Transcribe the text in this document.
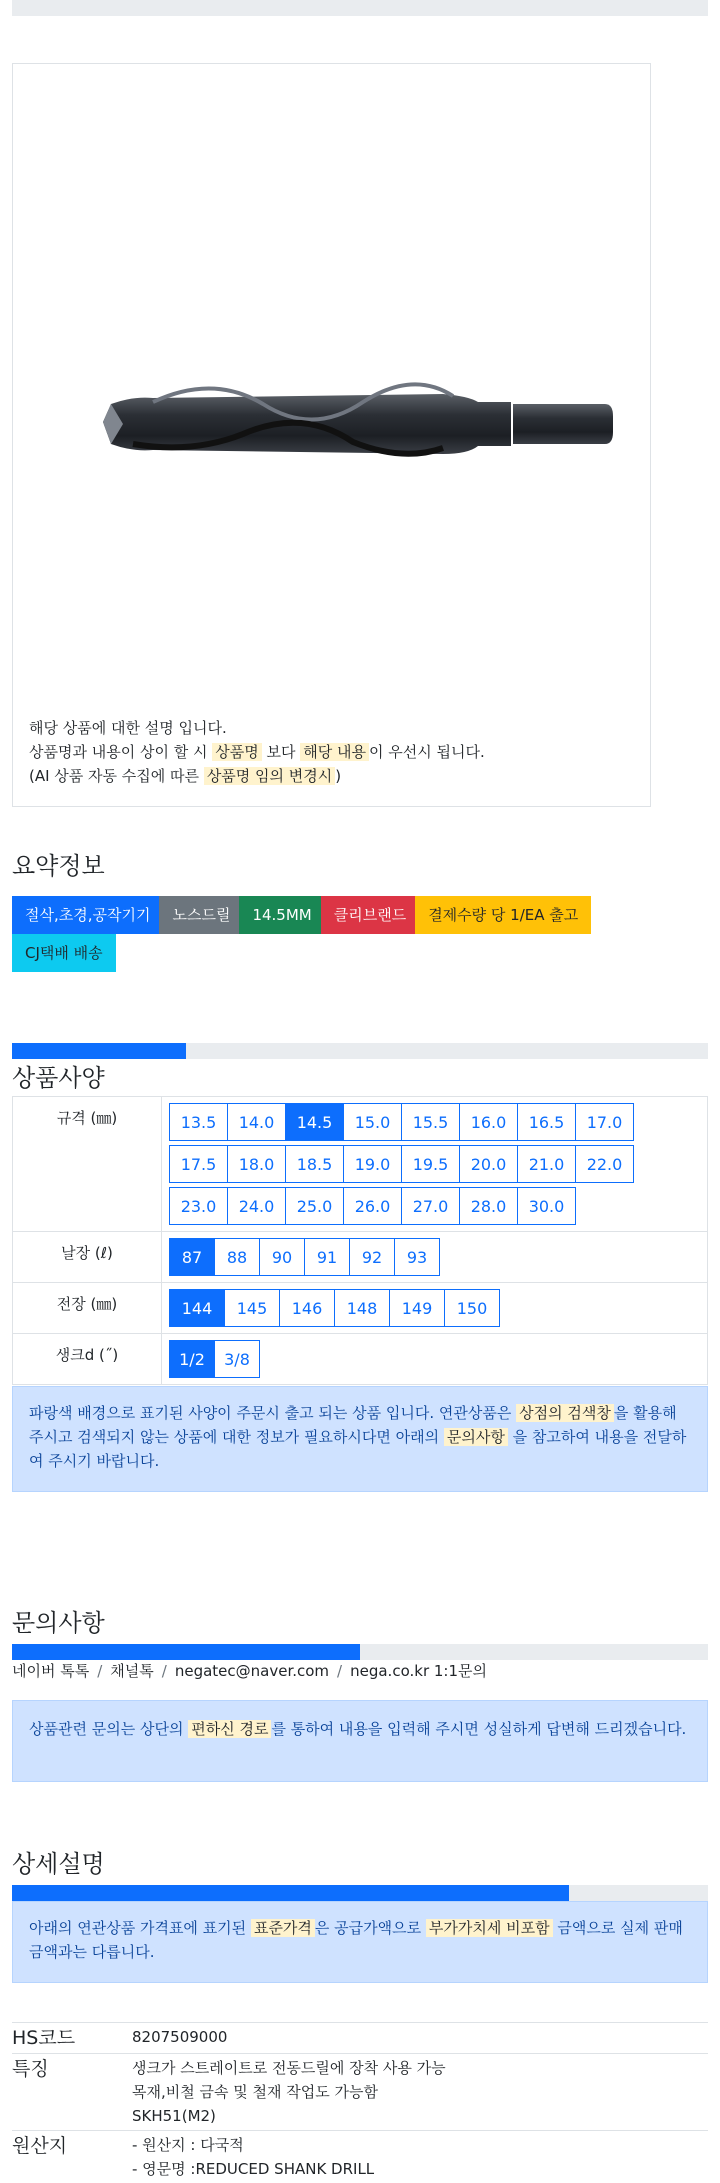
해당 상품에 대한 설명 입니다.
상품명과 내용이 상이 할 시 상품명 보다 해당 내용 이 우선시 됩니다.
(AI 상품 자동 수집에 따른 상품명 임의 변경시 )
요약정보
절삭,초경,공작기기 노스드릴 14.5MM 클리브랜드 결제수량 당 1/EA 출고
CJ택배 배송
상품사양
규격 (㎜)	13.5 14.0 14.5 15.0 15.5 16.0 16.5 17.0
17.5 18.0 18.5 19.0 19.5 20.0 21.0 22.0
23.0 24.0 25.0 26.0 27.0 28.0 30.0
날장 (ℓ)	87 88 90 91 92 93
전장 (㎜)	144 145 146 148 149 150
생크d (˝)	1/2 3/8
파랑색 배경으로 표기된 사양이 주문시 출고 되는 상품 입니다. 연관상품은 상점의 검색창 을 활용해 주시고 검색되지 않는 상품에 대한 정보가 필요하시다면 아래의 문의사항 을 참고하여 내용을 전달하여 주시기 바랍니다.
문의사항
네이버 톡톡 / 채널톡 / negatec@naver.com / nega.co.kr 1:1문의
상품관련 문의는 상단의 편하신 경로 를 통하여 내용을 입력해 주시면 성실하게 답변해 드리겠습니다.
상세설명
아래의 연관상품 가격표에 표기된 표준가격 은 공급가액으로 부가가치세 비포함 금액으로 실제 판매금액과는 다릅니다.
HS코드	8207509000

특징	생크가 스트레이트로 전동드릴에 장착 사용 가능
목재,비철 금속 및 철재 작업도 가능함
SKH51(M2)

원산지	- 원산지 : 다국적
- 영문명 :REDUCED SHANK DRILL
